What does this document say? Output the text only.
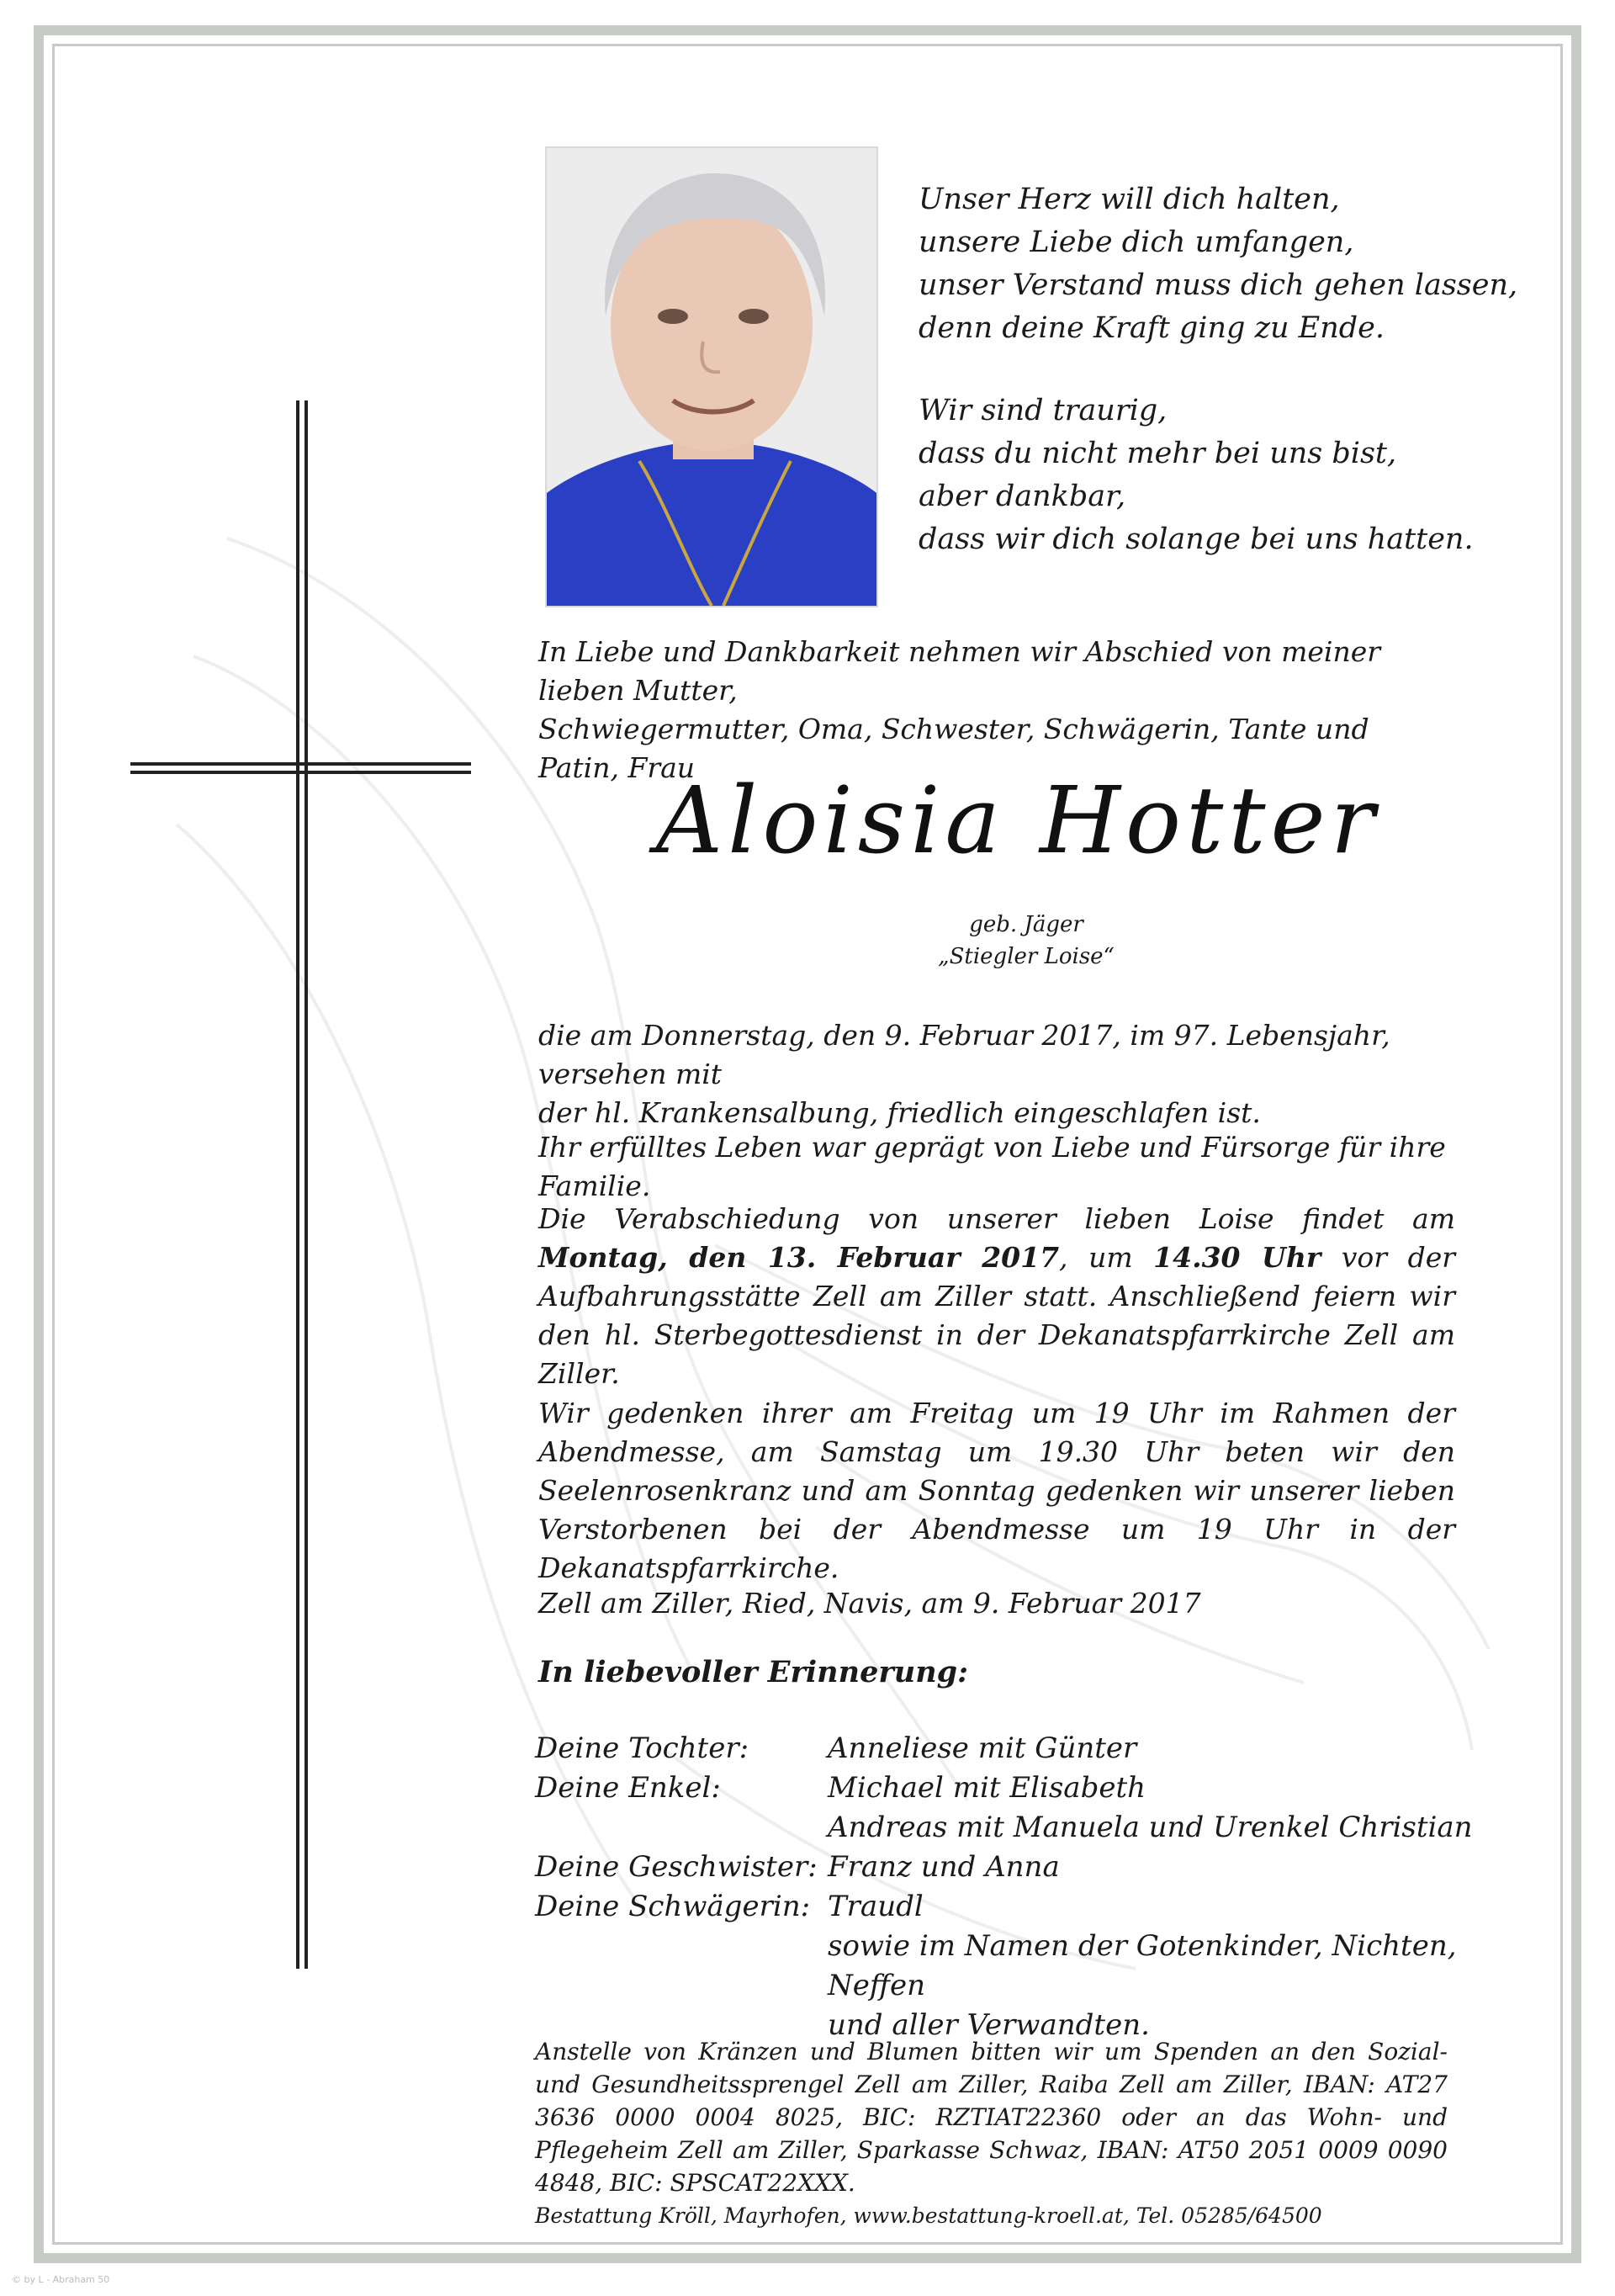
Unser Herz will dich halten,
unsere Liebe dich umfangen,
unser Verstand muss dich gehen lassen,
denn deine Kraft ging zu Ende.

Wir sind traurig,
dass du nicht mehr bei uns bist,
aber dankbar,
dass wir dich solange bei uns hatten.

In Liebe und Dankbarkeit nehmen wir Abschied von meiner lieben Mutter,
Schwiegermutter, Oma, Schwester, Schwägerin, Tante und Patin, Frau
Aloisia Hotter
geb. Jäger
„Stiegler Loise“
die am Donnerstag, den 9. Februar 2017, im 97. Lebensjahr, versehen mit
der hl. Krankensalbung, friedlich eingeschlafen ist.
Ihr erfülltes Leben war geprägt von Liebe und Fürsorge für ihre Familie.
Die Verabschiedung von unserer lieben Loise findet am Montag, den 13. Februar 2017, um 14.30 Uhr vor der Aufbahrungsstätte Zell am Ziller statt. Anschließend feiern wir den hl. Sterbegottesdienst in der Dekanatspfarrkirche Zell am Ziller.
Wir gedenken ihrer am Freitag um 19 Uhr im Rahmen der Abendmesse, am Samstag um 19.30 Uhr beten wir den Seelenrosenkranz und am Sonntag gedenken wir unserer lieben Verstorbenen bei der Abendmesse um 19 Uhr in der Dekanatspfarrkirche.
Zell am Ziller, Ried, Navis, am 9. Februar 2017
In liebevoller Erinnerung:
Deine Tochter:	Anneliese mit Günter
Deine Enkel:	Michael mit Elisabeth
Andreas mit Manuela und Urenkel Christian
Deine Geschwister: Franz und Anna
Deine Schwägerin: Traudl
sowie im Namen der Gotenkinder, Nichten, Neffen
und aller Verwandten.
Anstelle von Kränzen und Blumen bitten wir um Spenden an den Sozial- und Gesundheitssprengel Zell am Ziller, Raiba Zell am Ziller, IBAN: AT27 3636 0000 0004 8025, BIC: RZTIAT22360 oder an das Wohn- und Pflegeheim Zell am Ziller, Sparkasse Schwaz, IBAN: AT50 2051 0009 0090 4848, BIC: SPSCAT22XXX.
Bestattung Kröll, Mayrhofen, www.bestattung-kroell.at, Tel. 05285/64500
© by L - Abraham 50
